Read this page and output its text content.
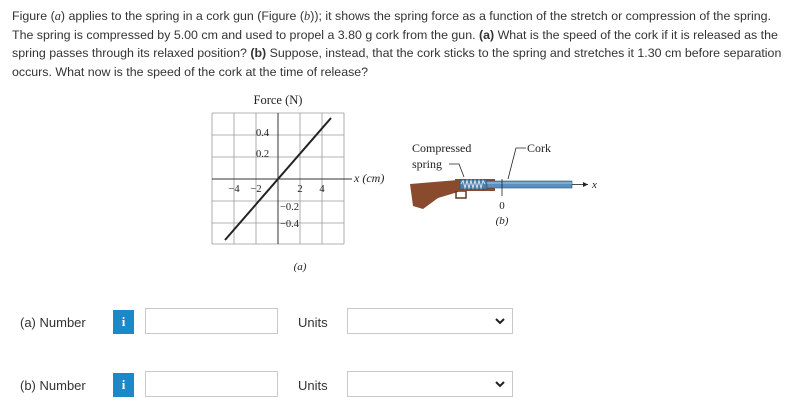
Figure (a) applies to the spring in a cork gun (Figure (b)); it shows the spring force as a function of the stretch or compression of the spring. The spring is compressed by 5.00 cm and used to propel a 3.80 g cork from the gun. (a) What is the speed of the cork if it is released as the spring passes through its relaxed position? (b) Suppose, instead, that the cork sticks to the spring and stretches it 1.30 cm before separation occurs. What now is the speed of the cork at the time of release?
Force (N)
0.4
0.2
−0.2
−0.4
−4 −2	2 4
x (cm)
(a)
Compressed
spring
Cork
x
0
(b)
(a) Number	i	Units
(b) Number	i	Units
